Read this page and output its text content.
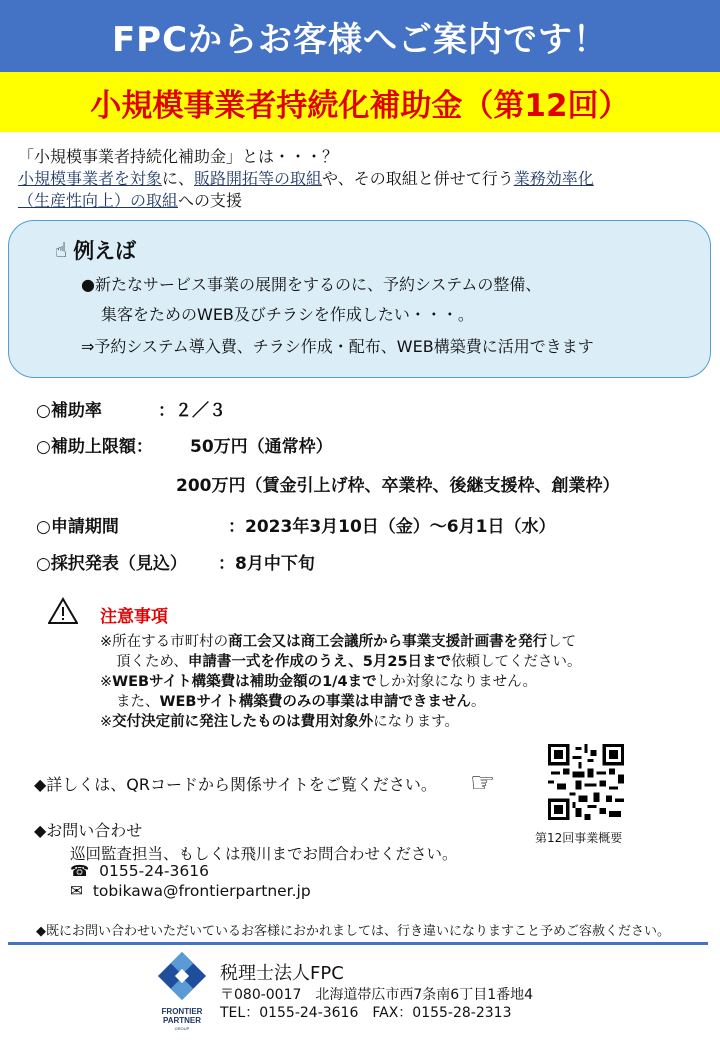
FPCからお客様へご案内です！
小規模事業者持続化補助金（第12回）
「小規模事業者持続化補助金」とは・・・？
小規模事業者を対象に、販路開拓等の取組や、その取組と併せて行う業務効率化
（生産性向上）の取組への支援
☝ 例えば
●新たなサービス事業の展開をするのに、予約システムの整備、
集客をためのWEB及びチラシを作成したい・・・。
⇒予約システム導入費、チラシ作成・配布、WEB構築費に活用できます
○補助率	：２／３
○補助上限額： 50万円（通常枠）
200万円（賃金引上げ枠、卒業枠、後継支援枠、創業枠）
○申請期間	：2023年3月10日（金）～6月1日（水）
○採択発表（見込） ：8月中下旬
注意事項
※所在する市町村の商工会又は商工会議所から事業支援計画書を発行して
頂くため、申請書一式を作成のうえ、5月25日まで依頼してください。
※WEBサイト構築費は補助金額の1/4までしか対象になりません。
また、WEBサイト構築費のみの事業は申請できません。
※交付決定前に発注したものは費用対象外になります。
◆詳しくは、QRコードから関係サイトをご覧ください。 ☞
第12回事業概要
◆お問い合わせ
巡回監査担当、もしくは飛川までお問合わせください。
☎ 0155-24-3616
✉ tobikawa@frontierpartner.jp
◆既にお問い合わせいただいているお客様におかれましては、行き違いになりますこと予めご容赦ください。
FRONTIER
PARTNER
GROUP
税理士法人FPC
〒080-0017　北海道帯広市西7条南6丁目1番地4
TEL：0155-24-3616　FAX：0155-28-2313
